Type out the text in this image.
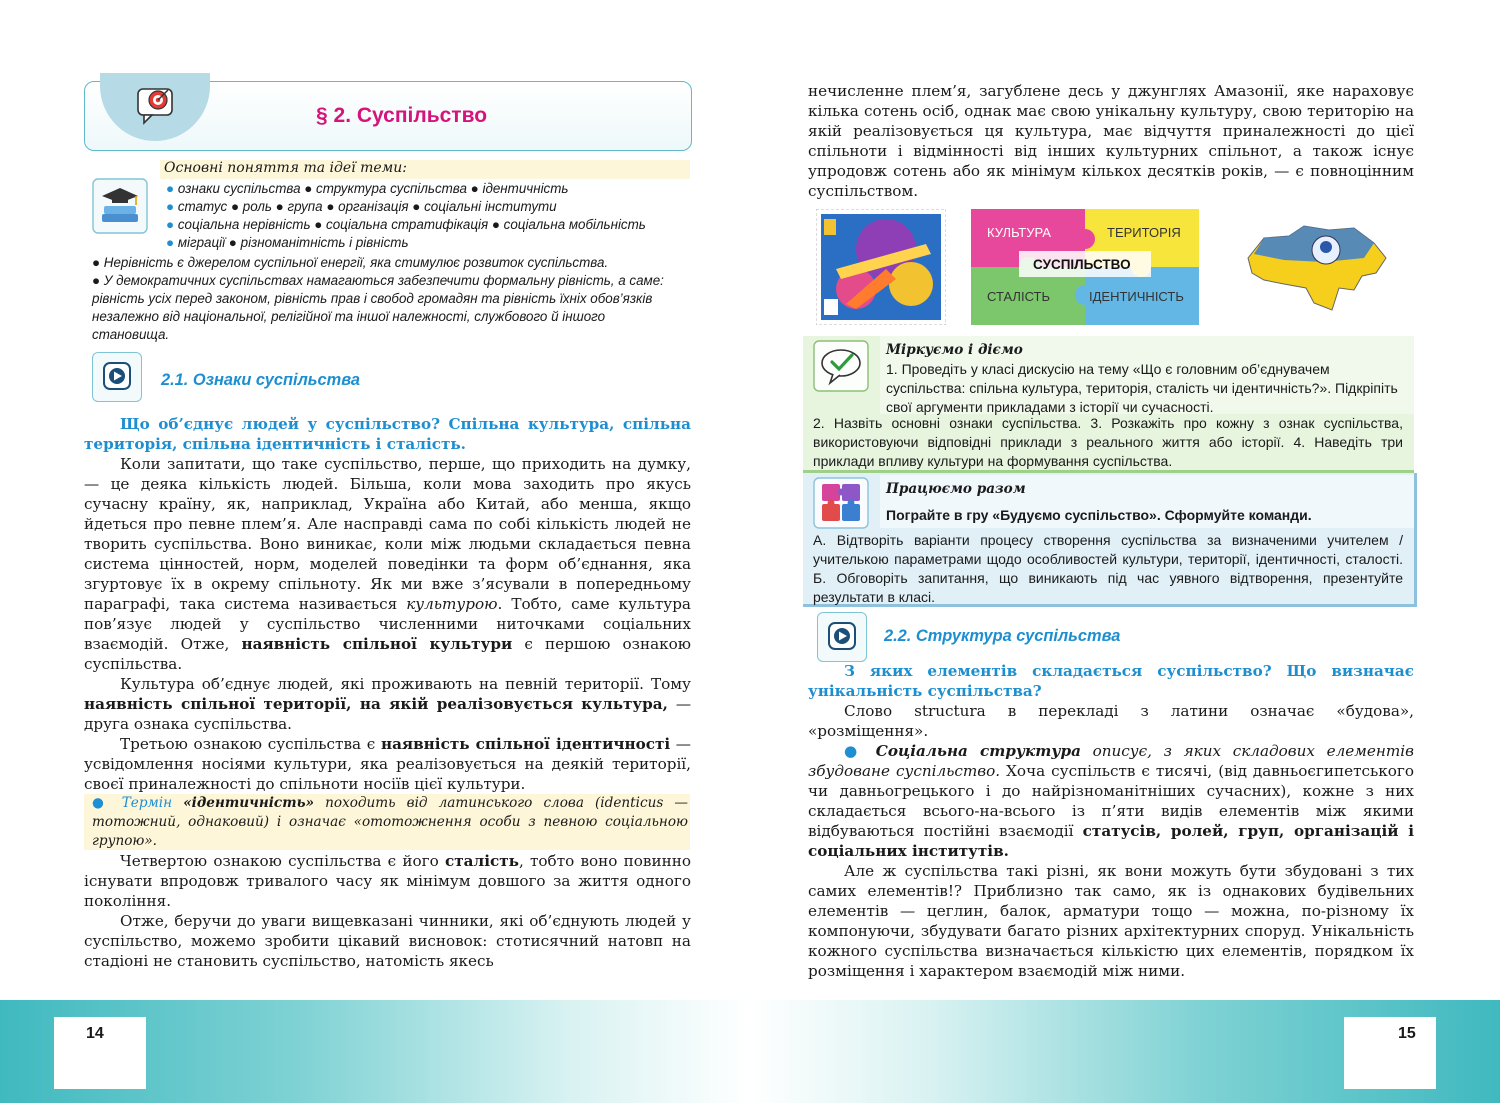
14	15
§ 2. Суспільство
Основні поняття та ідеї теми:
● ознаки суспільства ● структура суспільства ● ідентичність
● статус ● роль ● група ● організація ● соціальні інститути
● соціальна нерівність ● соціальна стратифікація ● соціальна мобільність
● міграції ● різноманітність і рівність
● Нерівність є джерелом суспільної енергії, яка стимулює розвиток суспільства.
● У демократичних суспільствах намагаються забезпечити формальну рівність, а саме: рівність усіх перед законом, рівність прав і свобод громадян та рівність їхніх обов’язків незалежно від національної, релігійної та іншої належності, службового й іншого становища.
2.1. Ознаки суспільства

Що об’єднує людей у суспільство? Спільна культура, спільна територія, спільна ідентичність і сталість.

Коли запитати, що таке суспільство, перше, що приходить на думку, — це деяка кількість людей. Більша, коли мова заходить про якусь сучасну країну, як, наприклад, Україна або Китай, або менша, якщо йдеться про певне плем’я. Але насправді сама по собі кількість людей не творить суспільства. Воно виникає, коли між людьми складається певна система цінностей, норм, моделей поведінки та форм об’єднання, яка згуртовує їх в окрему спільноту. Як ми вже з’ясували в попередньому параграфі, така система називається культурою. Тобто, саме культура пов’язує людей у суспільство численними ниточками соціальних взаємодій. Отже, наявність спільної культури є першою ознакою суспільства.

Культура об’єднує людей, які проживають на певній території. Тому наявність спільної території, на якій реалізовується культура, — друга ознака суспільства.

Третьою ознакою суспільства є наявність спільної ідентичності — усвідомлення носіями культури, яка реалізовується на деякій території, своєї приналежності до спільноти носіїв цієї культури.

● Термін «ідентичність» походить від латинського слова (identicus — тотожний, однаковий) і означає «ототожнення особи з певною соціальною групою».

Четвертою ознакою суспільства є його сталість, тобто воно повинно існувати впродовж тривалого часу як мінімум довшого за життя одного покоління.

Отже, беручи до уваги вищевказані чинники, які об’єднують людей у суспільство, можемо зробити цікавий висновок: стотисячний натовп на стадіоні не становить суспільство, натомість якесь

нечисленне плем’я, загублене десь у джунглях Амазонії, яке нараховує кілька сотень осіб, однак має свою унікальну культуру, свою територію на якій реалізовується ця культура, має відчуття приналежності до цієї спільноти і відмінності від інших культурних спільнот, а також існує упродовж сотень або як мінімум кількох десятків років, — є повноцінним суспільством.

КУЛЬТУРА	ТЕРИТОРІЯ
СУСПІЛЬСТВО
СТАЛІСТЬ	ІДЕНТИЧНІСТЬ
Міркуємо і діємо
1. Проведіть у класі дискусію на тему «Що є головним об’єднувачем суспільства: спільна культура, територія, сталість чи ідентичність?». Підкріпіть свої аргументи прикладами з історії чи сучасності.
2. Назвіть основні ознаки суспільства. 3. Розкажіть про кожну з ознак суспільства, використовуючи відповідні приклади з реального життя або історії. 4. Наведіть три приклади впливу культури на формування суспільства.
Працюємо разом
Пограйте в гру «Будуємо суспільство». Сформуйте команди.
А. Відтворіть варіанти процесу створення суспільства за визначеними учителем / учителькою параметрами щодо особливостей культури, території, ідентичності, сталості. Б. Обговоріть запитання, що виникають під час уявного відтворення, презентуйте результати в класі.
2.2. Структура суспільства

З яких елементів складається суспільство? Що визначає унікальність суспільства?

Слово structura в перекладі з латини означає «будова», «розміщення».

● Соціальна структура описує, з яких складових елементів збудоване суспільство. Хоча суспільств є тисячі, (від давньоєгипетського чи давньогрецького і до найрізноманітніших сучасних), кожне з них складається всього-на-всього із п’яти видів елементів між якими відбуваються постійні взаємодії статусів, ролей, груп, організацій і соціальних інститутів.

Але ж суспільства такі різні, як вони можуть бути збудовані з тих самих елементів!? Приблизно так само, як із однакових будівельних елементів — цеглин, балок, арматури тощо — можна, по-різному їх компонуючи, збудувати багато різних архітектурних споруд. Унікальність кожного суспільства визначається кількістю цих елементів, порядком їх розміщення і характером взаємодій між ними.
